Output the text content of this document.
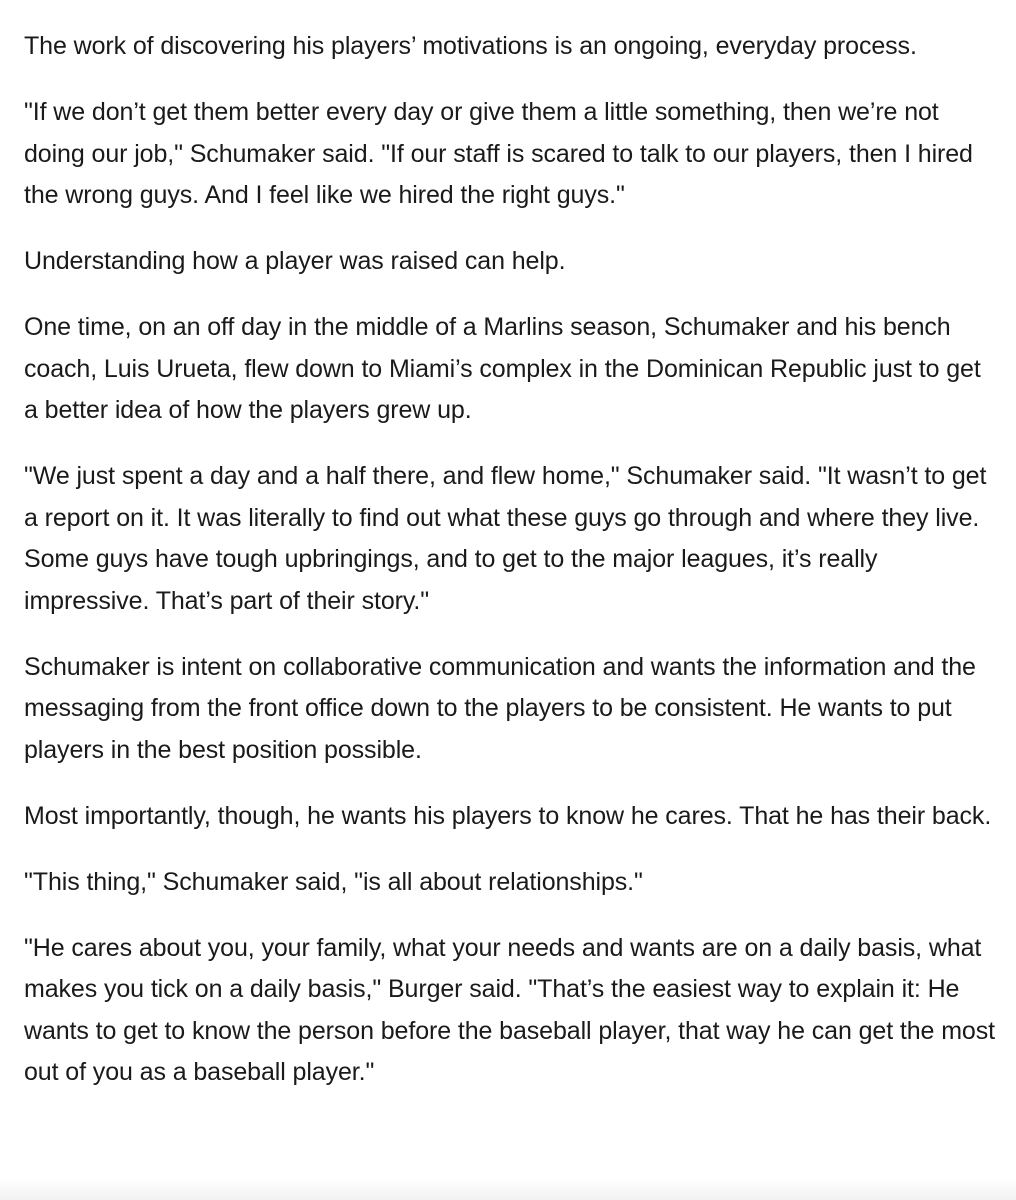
The work of discovering his players’ motivations is an ongoing, everyday process.

"If we don’t get them better every day or give them a little something, then we’re not doing our job," Schumaker said. "If our staff is scared to talk to our players, then I hired the wrong guys. And I feel like we hired the right guys."

Understanding how a player was raised can help.

One time, on an off day in the middle of a Marlins season, Schumaker and his bench coach, Luis Urueta, flew down to Miami’s complex in the Dominican Republic just to get a better idea of how the players grew up.

"We just spent a day and a half there, and flew home," Schumaker said. "It wasn’t to get a report on it. It was literally to find out what these guys go through and where they live. Some guys have tough upbringings, and to get to the major leagues, it’s really impressive. That’s part of their story."

Schumaker is intent on collaborative communication and wants the information and the messaging from the front office down to the players to be consistent. He wants to put players in the best position possible.

Most importantly, though, he wants his players to know he cares. That he has their back.

"This thing," Schumaker said, "is all about relationships."

"He cares about you, your family, what your needs and wants are on a daily basis, what makes you tick on a daily basis," Burger said. "That’s the easiest way to explain it: He wants to get to know the person before the baseball player, that way he can get the most out of you as a baseball player."
